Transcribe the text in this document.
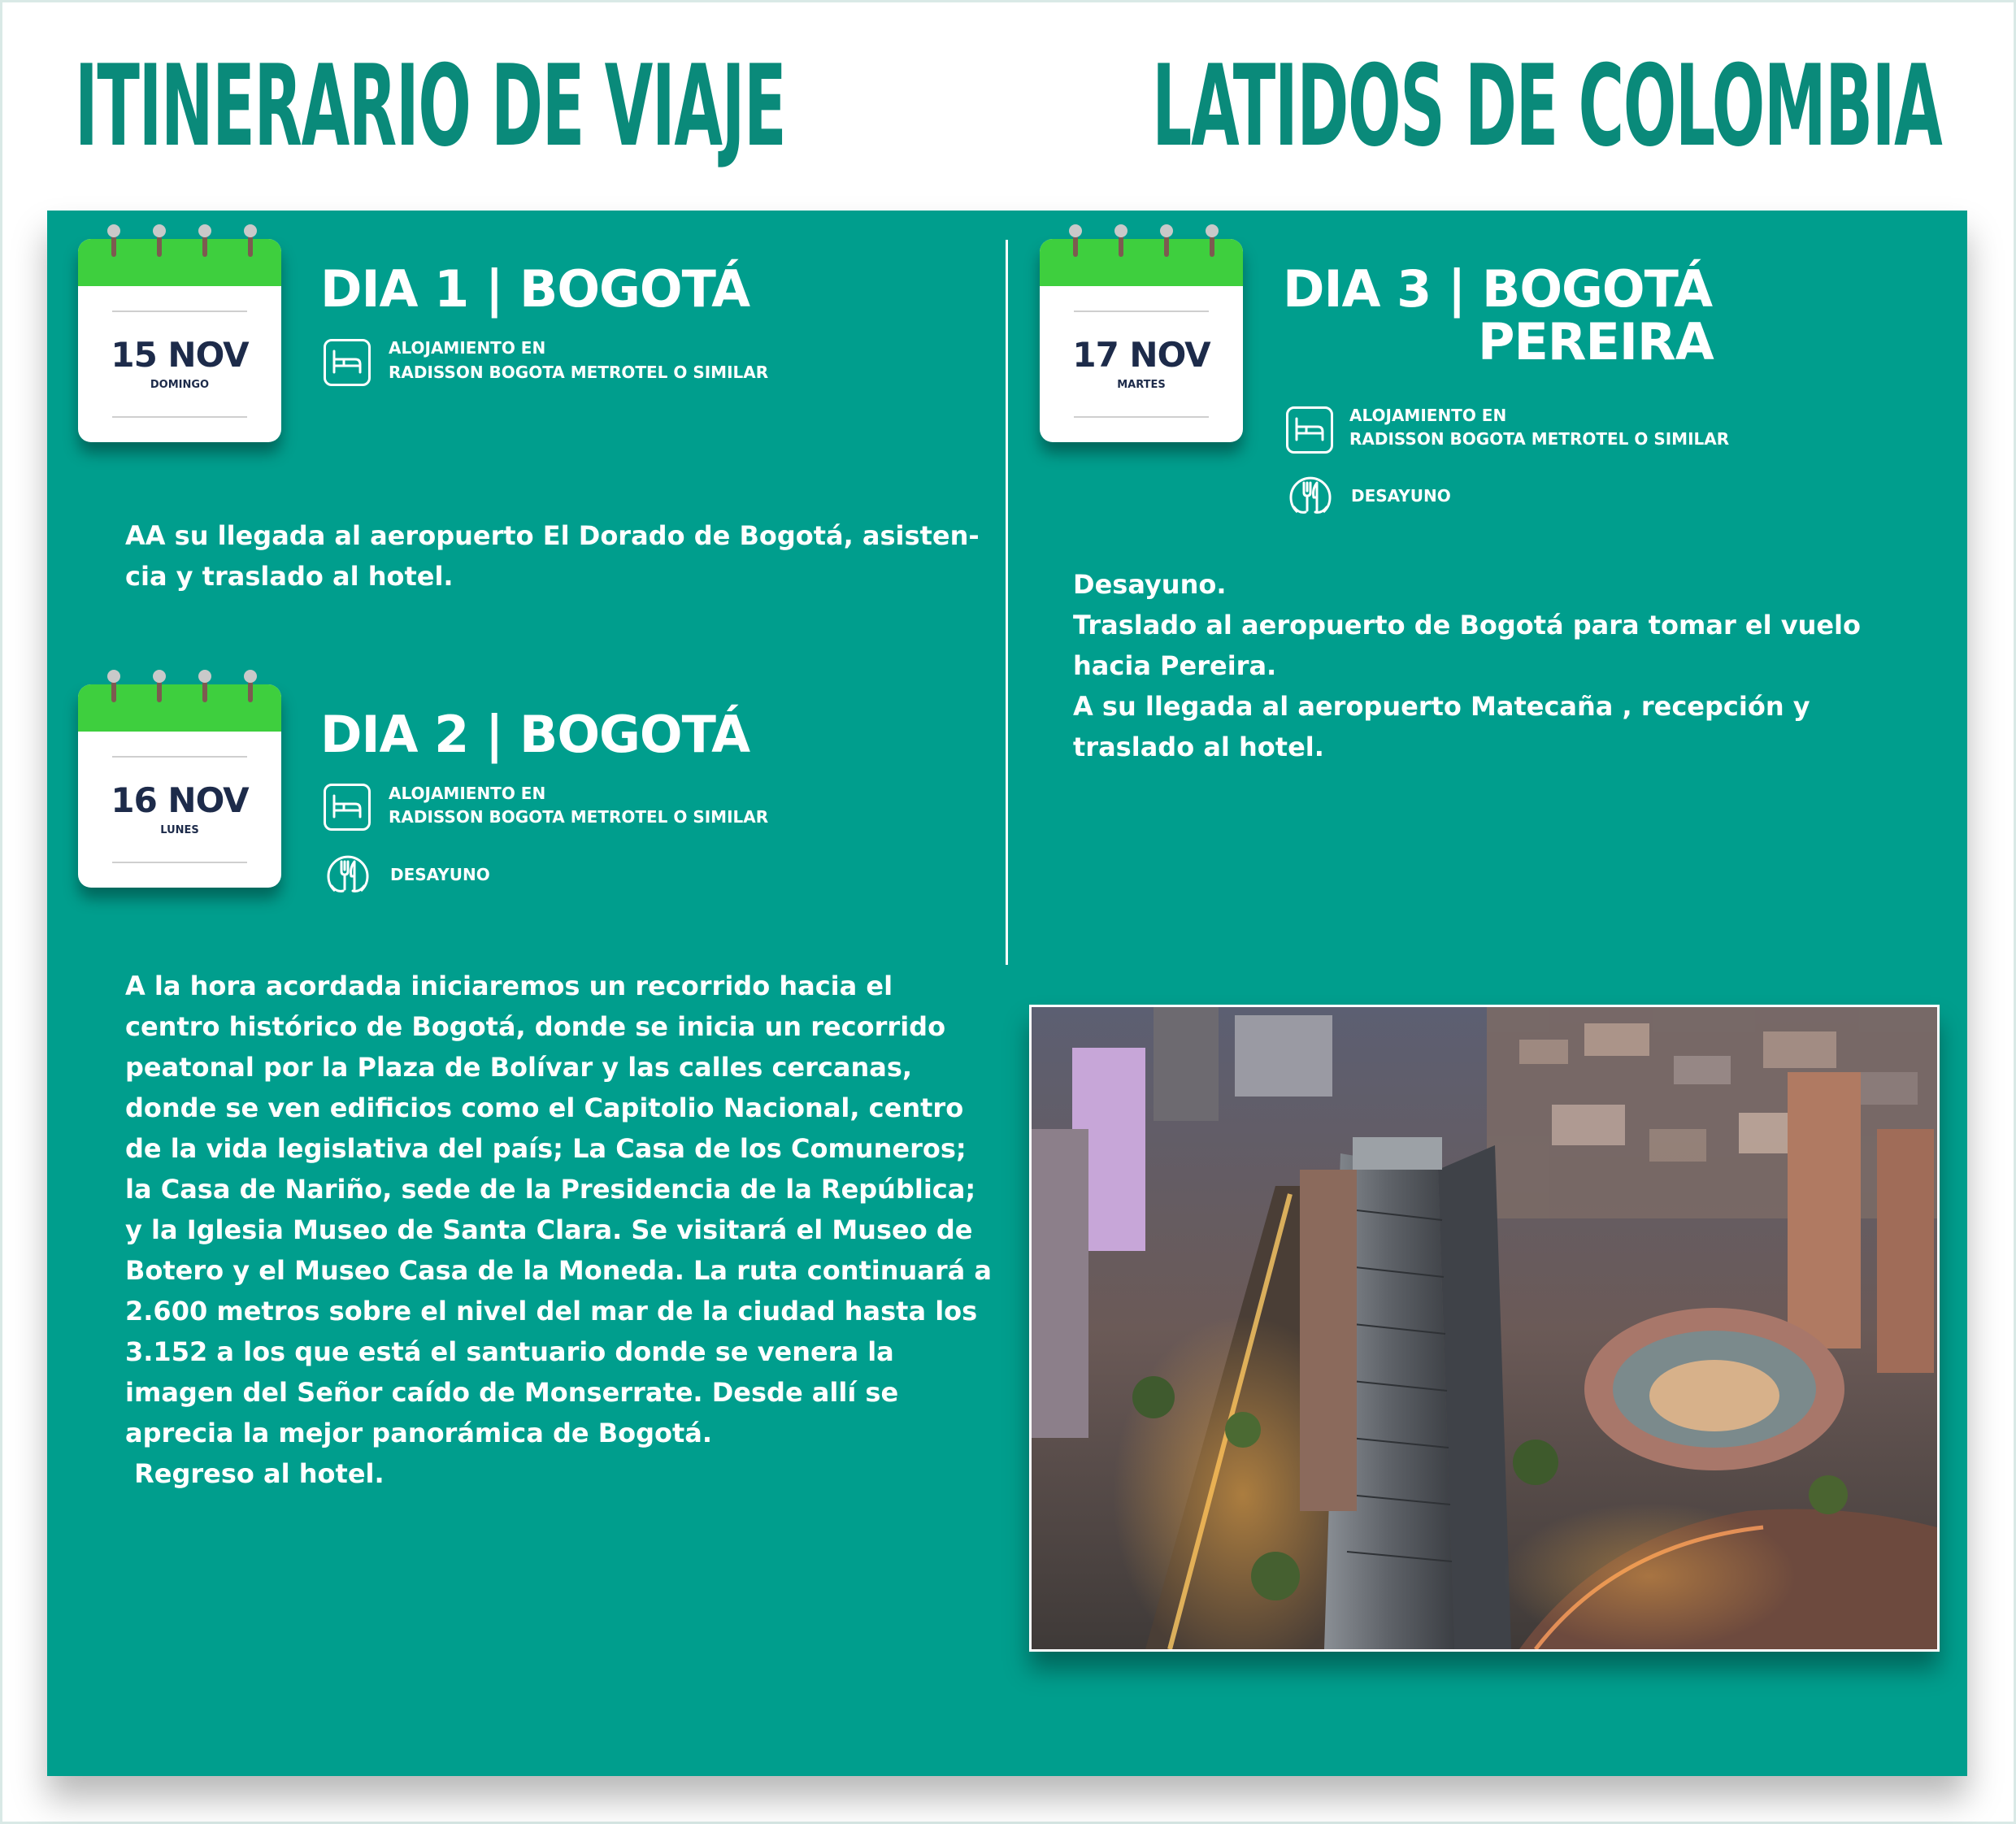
ITINERARIO DE VIAJE	LATIDOS DE COLOMBIA
15 NOV
DOMINGO
DIA 1 | BOGOTÁ
ALOJAMIENTO EN
RADISSON BOGOTA METROTEL O SIMILAR

AA su llegada al aeropuerto El Dorado de Bogotá, asisten-

cia y traslado al hotel.

16 NOV
LUNES
DIA 2 | BOGOTÁ
ALOJAMIENTO EN
RADISSON BOGOTA METROTEL O SIMILAR
DESAYUNO

A la hora acordada iniciaremos un recorrido hacia el

centro histórico de Bogotá, donde se inicia un recorrido

peatonal por la Plaza de Bolívar y las calles cercanas,

donde se ven edificios como el Capitolio Nacional, centro

de la vida legislativa del país; La Casa de los Comuneros;

la Casa de Nariño, sede de la Presidencia de la República;

y la Iglesia Museo de Santa Clara. Se visitará el Museo de

Botero y el Museo Casa de la Moneda. La ruta continuará a

2.600 metros sobre el nivel del mar de la ciudad hasta los

3.152 a los que está el santuario donde se venera la

imagen del Señor caído de Monserrate. Desde allí se

aprecia la mejor panorámica de Bogotá.

Regreso al hotel.

17 NOV
MARTES
DIA 3 | BOGOTÁ
PEREIRA
ALOJAMIENTO EN
RADISSON BOGOTA METROTEL O SIMILAR
DESAYUNO

Desayuno.

Traslado al aeropuerto de Bogotá para tomar el vuelo

hacia Pereira.

A su llegada al aeropuerto Matecaña , recepción y

traslado al hotel.
